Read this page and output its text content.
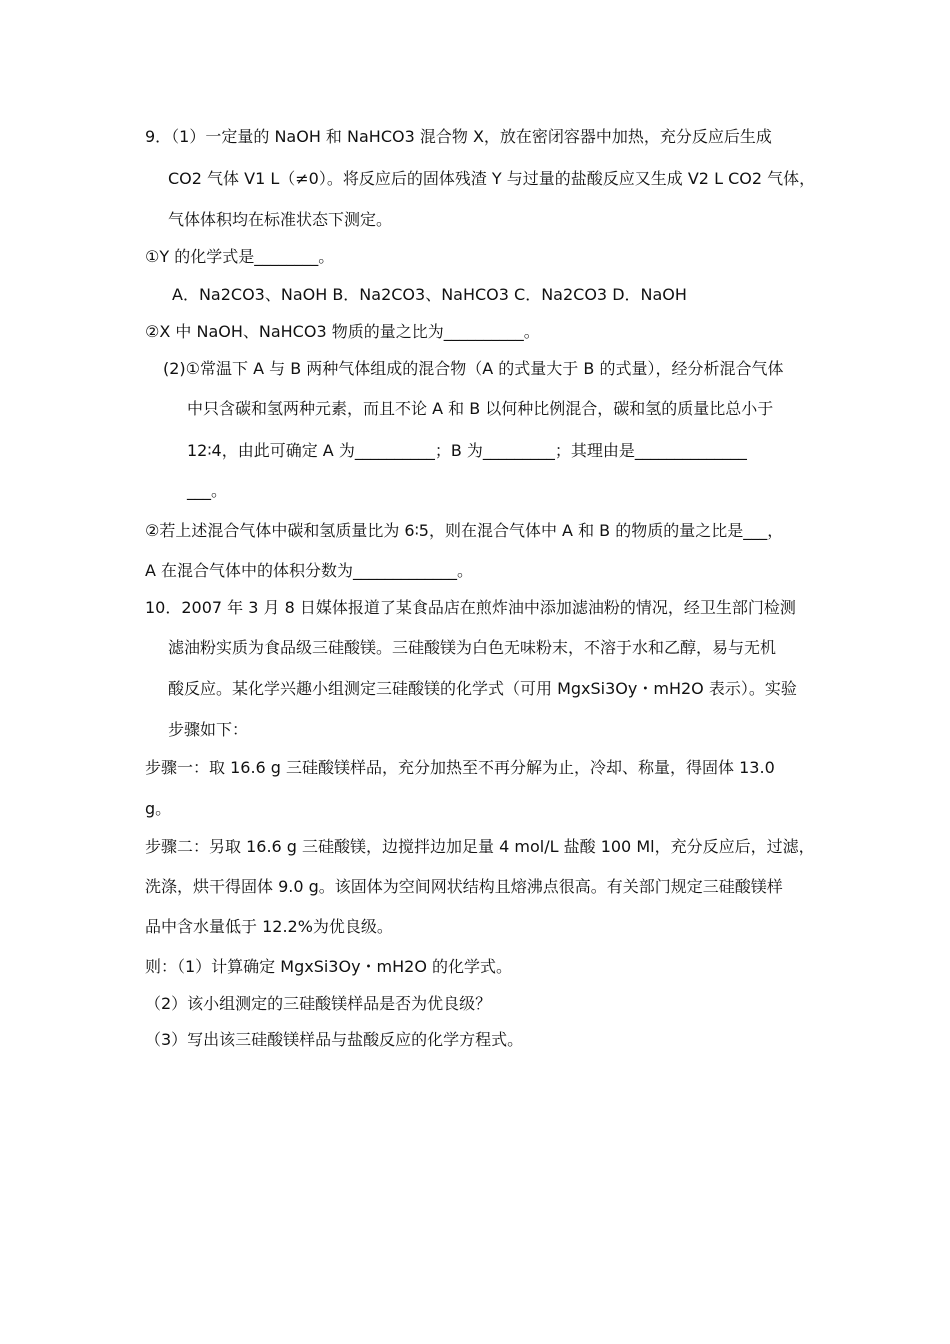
9．（1）一定量的 NaOH 和 NaHCO3 混合物 X，放在密闭容器中加热，充分反应后生成
CO2 气体 V1 L（≠0）。将反应后的固体残渣 Y 与过量的盐酸反应又生成 V2 L CO2 气体，
气体体积均在标准状态下测定。
①Y 的化学式是________。
A．Na2CO3、NaOH B．Na2CO3、NaHCO3 C．Na2CO3 D．NaOH
②X 中 NaOH、NaHCO3 物质的量之比为__________。
(2)①常温下 A 与 B 两种气体组成的混合物（A 的式量大于 B 的式量），经分析混合气体
中只含碳和氢两种元素，而且不论 A 和 B 以何种比例混合，碳和氢的质量比总小于
12∶4，由此可确定 A 为__________；B 为_________；其理由是______________
___。
②若上述混合气体中碳和氢质量比为 6∶5，则在混合气体中 A 和 B 的物质的量之比是___，
A 在混合气体中的体积分数为_____________。
10．2007 年 3 月 8 日媒体报道了某食品店在煎炸油中添加滤油粉的情况，经卫生部门检测
滤油粉实质为食品级三硅酸镁。三硅酸镁为白色无味粉末，不溶于水和乙醇，易与无机
酸反应。某化学兴趣小组测定三硅酸镁的化学式（可用 MgxSi3Oy・mH2O 表示）。实验
步骤如下：
步骤一：取 16.6 g 三硅酸镁样品，充分加热至不再分解为止，冷却、称量，得固体 13.0
g。
步骤二：另取 16.6 g 三硅酸镁，边搅拌边加足量 4 mol/L 盐酸 100 Ml，充分反应后，过滤，
洗涤，烘干得固体 9.0 g。该固体为空间网状结构且熔沸点很高。有关部门规定三硅酸镁样
品中含水量低于 12.2%为优良级。
则：（1）计算确定 MgxSi3Oy・mH2O 的化学式。
（2）该小组测定的三硅酸镁样品是否为优良级？
（3）写出该三硅酸镁样品与盐酸反应的化学方程式。
